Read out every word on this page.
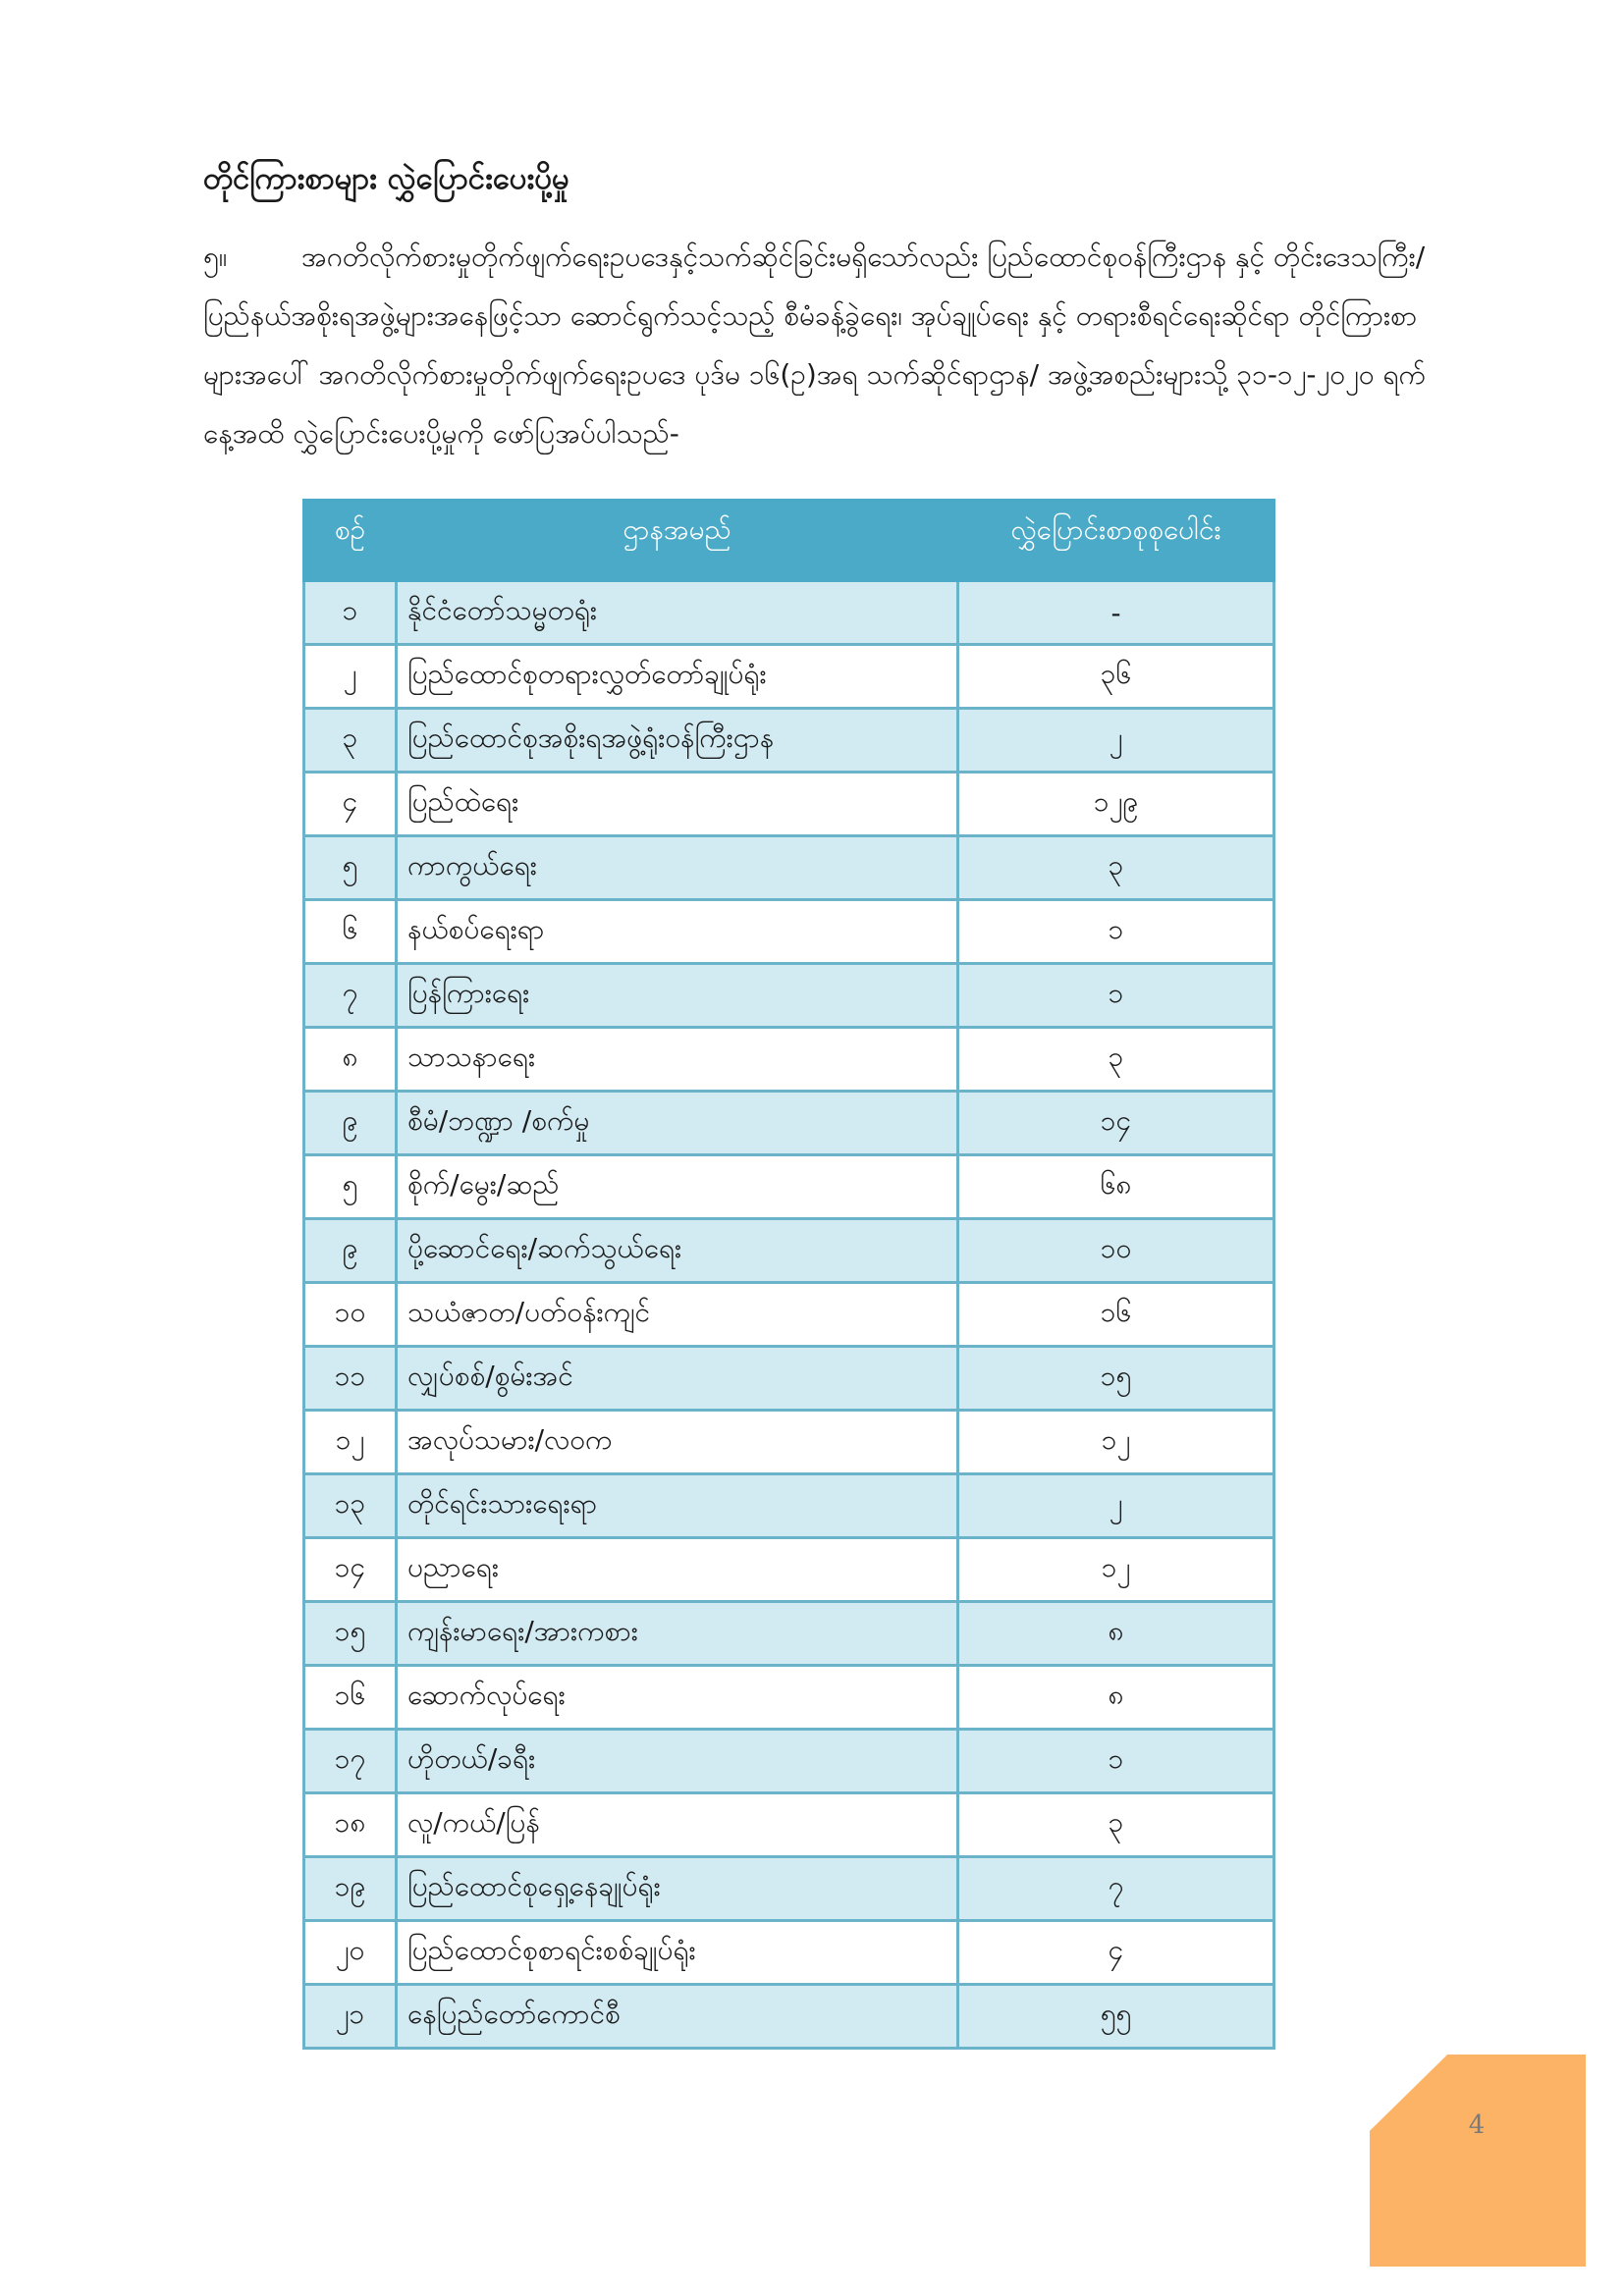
တိုင်ကြားစာများ လွှဲပြောင်းပေးပို့မှု

၅။	အဂတိလိုက်စားမှုတိုက်ဖျက်ရေးဥပဒေနှင့်သက်ဆိုင်ခြင်းမရှိသော်လည်း ပြည်ထောင်စုဝန်ကြီးဌာန နှင့် တိုင်းဒေသကြီး/ပြည်နယ်အစိုးရအဖွဲ့များအနေဖြင့်သာ ဆောင်ရွက်သင့်သည့် စီမံခန့်ခွဲရေး၊ အုပ်ချုပ်ရေး နှင့် တရားစီရင်ရေးဆိုင်ရာ တိုင်ကြားစာများအပေါ် အဂတိလိုက်စားမှုတိုက်ဖျက်ရေးဥပဒေ ပုဒ်မ ၁၆(ဥ)အရ သက်ဆိုင်ရာဌာန/ အဖွဲ့အစည်းများသို့ ၃၁-၁၂-၂၀၂၀ ရက်နေ့အထိ လွှဲပြောင်းပေးပို့မှုကို ဖော်ပြအပ်ပါသည်-

စဉ်	ဌာနအမည်	လွှဲပြောင်းစာစုစုပေါင်း
၁	နိုင်ငံတော်သမ္မတရုံး	-
၂	ပြည်ထောင်စုတရားလွှတ်တော်ချုပ်ရုံး	၃၆
၃	ပြည်ထောင်စုအစိုးရအဖွဲ့ရုံးဝန်ကြီးဌာန	၂
၄	ပြည်ထဲရေး	၁၂၉
၅	ကာကွယ်ရေး	၃
၆	နယ်စပ်ရေးရာ	၁
၇	ပြန်ကြားရေး	၁
၈	သာသနာရေး	၃
၉	စီမံ/ဘဏ္ဍာ /စက်မှု	၁၄
၅	စိုက်/မွေး/ဆည်	၆၈
၉	ပို့ဆောင်ရေး/ဆက်သွယ်ရေး	၁၀
၁၀	သယံဇာတ/ပတ်ဝန်းကျင်	၁၆
၁၁	လျှပ်စစ်/စွမ်းအင်	၁၅
၁၂	အလုပ်သမား/လဝက	၁၂
၁၃	တိုင်ရင်းသားရေးရာ	၂
၁၄	ပညာရေး	၁၂
၁၅	ကျန်းမာရေး/အားကစား	၈
၁၆	ဆောက်လုပ်ရေး	၈
၁၇	ဟိုတယ်/ခရီး	၁
၁၈	လူ/ကယ်/ပြန်	၃
၁၉	ပြည်ထောင်စုရှေ့နေချုပ်ရုံး	၇
၂၀	ပြည်ထောင်စုစာရင်းစစ်ချုပ်ရုံး	၄
၂၁	နေပြည်တော်ကောင်စီ	၅၅
4
